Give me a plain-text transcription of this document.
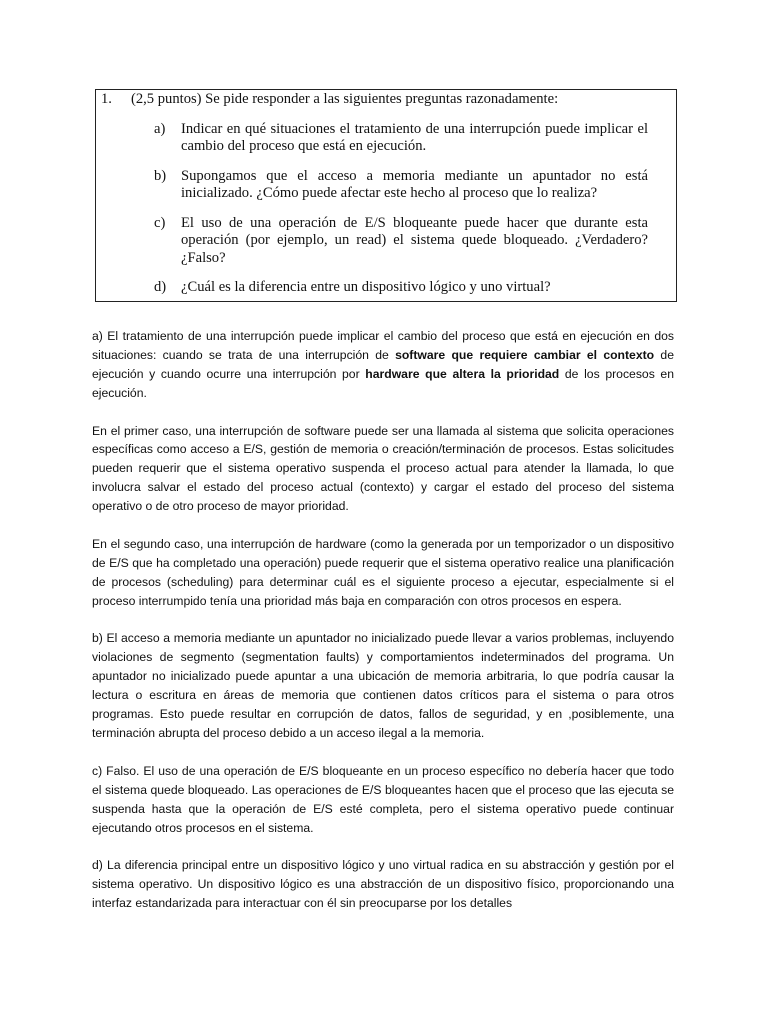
1. (2,5 puntos) Se pide responder a las siguientes preguntas razonadamente:
a) Indicar en qué situaciones el tratamiento de una interrupción puede implicar el cambio del proceso que está en ejecución.
b) Supongamos que el acceso a memoria mediante un apuntador no está inicializado. ¿Cómo puede afectar este hecho al proceso que lo realiza?
c) El uso de una operación de E/S bloqueante puede hacer que durante esta operación (por ejemplo, un read) el sistema quede bloqueado. ¿Verdadero? ¿Falso?
d) ¿Cuál es la diferencia entre un dispositivo lógico y uno virtual?

a) El tratamiento de una interrupción puede implicar el cambio del proceso que está en ejecución en dos situaciones: cuando se trata de una interrupción de software que requiere cambiar el contexto de ejecución y cuando ocurre una interrupción por hardware que altera la prioridad de los procesos en ejecución.

En el primer caso, una interrupción de software puede ser una llamada al sistema que solicita operaciones específicas como acceso a E/S, gestión de memoria o creación/terminación de procesos. Estas solicitudes pueden requerir que el sistema operativo suspenda el proceso actual para atender la llamada, lo que involucra salvar el estado del proceso actual (contexto) y cargar el estado del proceso del sistema operativo o de otro proceso de mayor prioridad.

En el segundo caso, una interrupción de hardware (como la generada por un temporizador o un dispositivo de E/S que ha completado una operación) puede requerir que el sistema operativo realice una planificación de procesos (scheduling) para determinar cuál es el siguiente proceso a ejecutar, especialmente si el proceso interrumpido tenía una prioridad más baja en comparación con otros procesos en espera.

b) El acceso a memoria mediante un apuntador no inicializado puede llevar a varios problemas, incluyendo violaciones de segmento (segmentation faults) y comportamientos indeterminados del programa. Un apuntador no inicializado puede apuntar a una ubicación de memoria arbitraria, lo que podría causar la lectura o escritura en áreas de memoria que contienen datos críticos para el sistema o para otros programas. Esto puede resultar en corrupción de datos, fallos de seguridad, y en ,posiblemente, una terminación abrupta del proceso debido a un acceso ilegal a la memoria.

c) Falso. El uso de una operación de E/S bloqueante en un proceso específico no debería hacer que todo el sistema quede bloqueado. Las operaciones de E/S bloqueantes hacen que el proceso que las ejecuta se suspenda hasta que la operación de E/S esté completa, pero el sistema operativo puede continuar ejecutando otros procesos en el sistema.

d) La diferencia principal entre un dispositivo lógico y uno virtual radica en su abstracción y gestión por el sistema operativo. Un dispositivo lógico es una abstracción de un dispositivo físico, proporcionando una interfaz estandarizada para interactuar con él sin preocuparse por los detalles
